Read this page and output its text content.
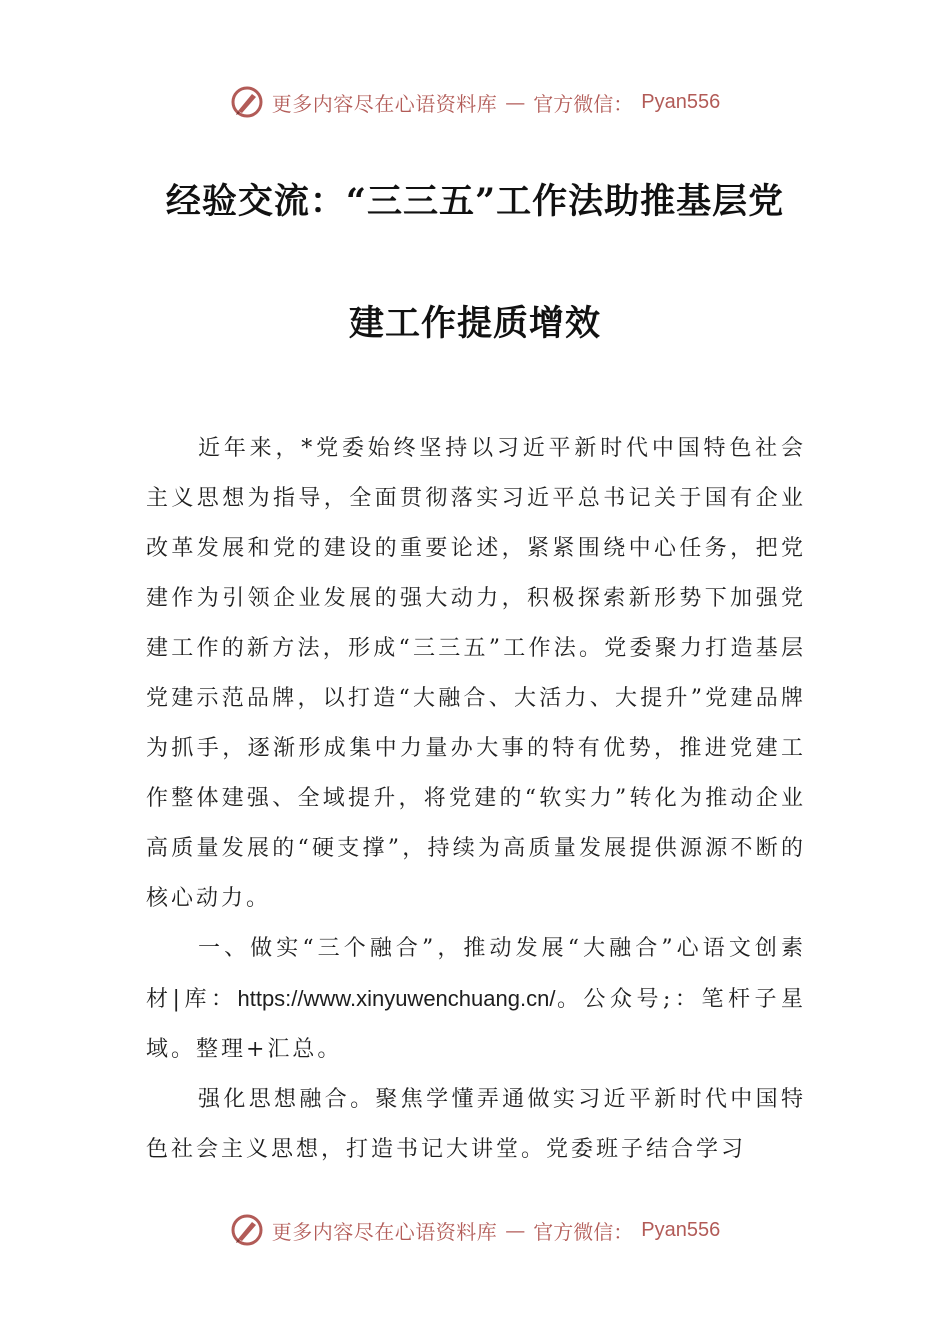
更多内容尽在心语资料库 — 官方微信： Pyan556
经验交流：“三三五”工作法助推基层党
建工作提质增效

近年来，*党委始终坚持以习近平新时代中国特色社会主义思想为指导，全面贯彻落实习近平总书记关于国有企业改革发展和党的建设的重要论述，紧紧围绕中心任务，把党建作为引领企业发展的强大动力，积极探索新形势下加强党建工作的新方法，形成“三三五”工作法。党委聚力打造基层党建示范品牌，以打造“大融合、大活力、大提升”党建品牌为抓手，逐渐形成集中力量办大事的特有优势，推进党建工作整体建强、全域提升，将党建的“软实力”转化为推动企业高质量发展的“硬支撑”，持续为高质量发展提供源源不断的核心动力。

一、做实“三个融合”，推动发展“大融合”心语文创素材|库：https://www.xinyuwenchuang.cn/。公众号;：笔杆子星域。整理+汇总。

强化思想融合。聚焦学懂弄通做实习近平新时代中国特色社会主义思想，打造书记大讲堂。党委班子结合学习

更多内容尽在心语资料库 — 官方微信： Pyan556
